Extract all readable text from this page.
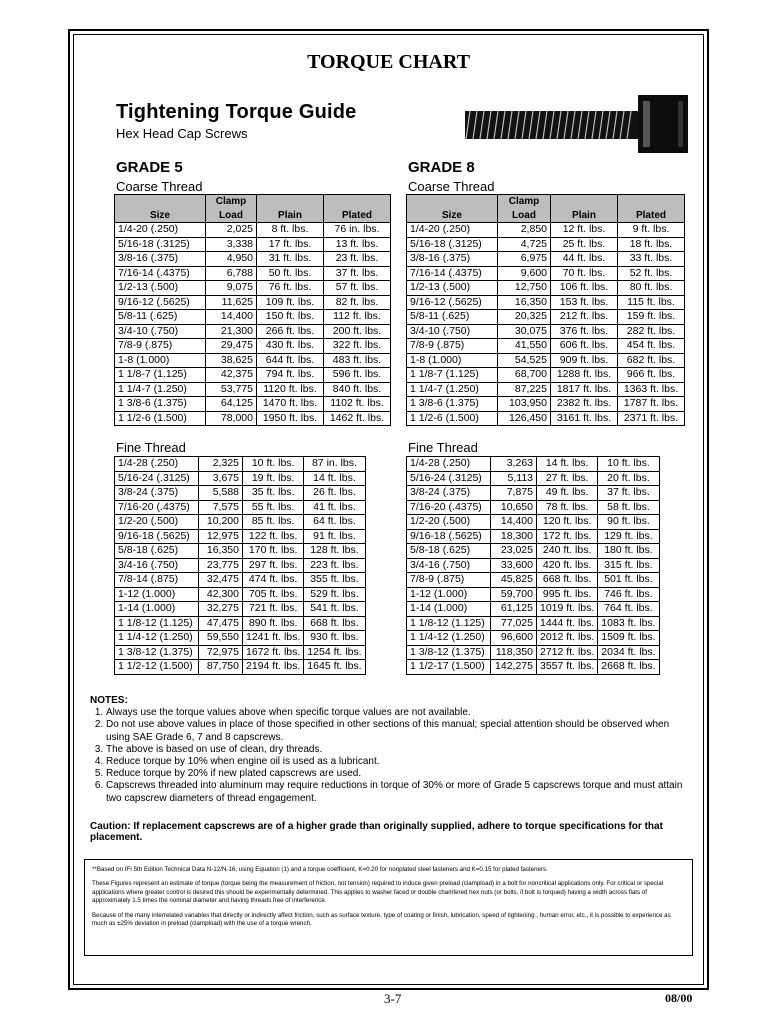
TORQUE CHART
Tightening Torque Guide
Hex Head Cap Screws
GRADE 5
Coarse Thread
	Clamp		
Size	Load	Plain	Plated
1/4-20 (.250)	2,025	8 ft. lbs.	76 in. lbs.
5/16-18 (.3125)	3,338	17 ft. lbs.	13 ft. lbs.
3/8-16 (.375)	4,950	31 ft. lbs.	23 ft. lbs.
7/16-14 (.4375)	6,788	50 ft. lbs.	37 ft. lbs.
1/2-13 (.500)	9,075	76 ft. lbs.	57 ft. lbs.
9/16-12 (.5625)	11,625	109 ft. lbs.	82 ft. lbs.
5/8-11 (.625)	14,400	150 ft. lbs.	112 ft. lbs.
3/4-10 (.750)	21,300	266 ft. lbs.	200 ft. lbs.
7/8-9 (.875)	29,475	430 ft. lbs.	322 ft. lbs.
1-8 (1.000)	38,625	644 ft. lbs.	483 ft. lbs.
1 1/8-7 (1.125)	42,375	794 ft. lbs.	596 ft. lbs.
1 1/4-7 (1.250)	53,775	1120 ft. lbs.	840 ft. lbs.
1 3/8-6 (1.375)	64,125	1470 ft. lbs.	1102 ft. lbs.
1 1/2-6 (1.500)	78,000	1950 ft. lbs.	1462 ft. lbs.
Fine Thread
1/4-28 (.250)	2,325	10 ft. lbs.	87 in. lbs.
5/16-24 (.3125)	3,675	19 ft. lbs.	14 ft. lbs.
3/8-24 (.375)	5,588	35 ft. lbs.	26 ft. lbs.
7/16-20 (.4375)	7,575	55 ft. lbs.	41 ft. lbs.
1/2-20 (.500)	10,200	85 ft. lbs.	64 ft. lbs.
9/16-18 (.5625)	12,975	122 ft. lbs.	91 ft. lbs.
5/8-18 (.625)	16,350	170 ft. lbs.	128 ft. lbs.
3/4-16 (.750)	23,775	297 ft. lbs.	223 ft. lbs.
7/8-14 (.875)	32,475	474 ft. lbs.	355 ft. lbs.
1-12 (1.000)	42,300	705 ft. lbs.	529 ft. lbs.
1-14 (1.000)	32,275	721 ft. lbs.	541 ft. lbs.
1 1/8-12 (1.125)	47,475	890 ft. lbs.	668 ft. lbs.
1 1/4-12 (1.250)	59,550	1241 ft. lbs.	930 ft. lbs.
1 3/8-12 (1.375)	72,975	1672 ft. lbs.	1254 ft. lbs.
1 1/2-12 (1.500)	87,750	2194 ft. lbs.	1645 ft. lbs.
GRADE 8
Coarse Thread
	Clamp		
Size	Load	Plain	Plated
1/4-20 (.250)	2,850	12 ft. lbs.	9 ft. lbs.
5/16-18 (.3125)	4,725	25 ft. lbs.	18 ft. lbs.
3/8-16 (.375)	6,975	44 ft. lbs.	33 ft. lbs.
7/16-14 (.4375)	9,600	70 ft. lbs.	52 ft. lbs.
1/2-13 (.500)	12,750	106 ft. lbs.	80 ft. lbs.
9/16-12 (.5625)	16,350	153 ft. lbs.	115 ft. lbs.
5/8-11 (.625)	20,325	212 ft. lbs.	159 ft. lbs.
3/4-10 (.750)	30,075	376 ft. lbs.	282 ft. lbs.
7/8-9 (.875)	41,550	606 ft. lbs.	454 ft. lbs.
1-8 (1.000)	54,525	909 ft. lbs.	682 ft. lbs.
1 1/8-7 (1.125)	68,700	1288 ft. lbs.	966 ft. lbs.
1 1/4-7 (1.250)	87,225	1817 ft. lbs.	1363 ft. lbs.
1 3/8-6 (1.375)	103,950	2382 ft. lbs.	1787 ft. lbs.
1 1/2-6 (1.500)	126,450	3161 ft. lbs.	2371 ft. lbs.
Fine Thread
1/4-28 (.250)	3,263	14 ft. lbs.	10 ft. lbs.
5/16-24 (.3125)	5,113	27 ft. lbs.	20 ft. lbs.
3/8-24 (.375)	7,875	49 ft. lbs.	37 ft. lbs.
7/16-20 (.4375)	10,650	78 ft. lbs.	58 ft. lbs.
1/2-20 (.500)	14,400	120 ft. lbs.	90 ft. lbs.
9/16-18 (.5625)	18,300	172 ft. lbs.	129 ft. lbs.
5/8-18 (.625)	23,025	240 ft. lbs.	180 ft. lbs.
3/4-16 (.750)	33,600	420 ft. lbs.	315 ft. lbs.
7/8-9 (.875)	45,825	668 ft. lbs.	501 ft. lbs.
1-12 (1.000)	59,700	995 ft. lbs.	746 ft. lbs.
1-14 (1.000)	61,125	1019 ft. lbs.	764 ft. lbs.
1 1/8-12 (1.125)	77,025	1444 ft. lbs.	1083 ft. lbs.
1 1/4-12 (1.250)	96,600	2012 ft. lbs.	1509 ft. lbs.
1 3/8-12 (1.375)	118,350	2712 ft. lbs.	2034 ft. lbs.
1 1/2-17 (1.500)	142,275	3557 ft. lbs.	2668 ft. lbs.
NOTES:
1. Always use the torque values above when specific torque values are not available.
2. Do not use above values in place of those specified in other sections of this manual; special attention should be observed when using SAE Grade 6, 7 and 8 capscrews.
3. The above is based on use of clean, dry threads.
4. Reduce torque by 10% when engine oil is used as a lubricant.
5. Reduce torque by 20% if new plated capscrews are used.
6. Capscrews threaded into aluminum may require reductions in torque of 30% or more of Grade 5 capscrews torque and must attain two capscrew diameters of thread engagement.
Caution: If replacement capscrews are of a higher grade than originally supplied, adhere to torque specifications for that placement.

**Based on IFI 5th Edition Technical Data N-12/N-16, using Equation (1) and a torque coefficient, K=0.20 for nonplated steel fasteners and K=0.15 for plated fasteners.

These Figures represent an estimate of torque (torque being the measurement of friction, not tension) required to induce given preload (clampload) in a bolt for noncritical applications only. For critical or special applications where greater control is desired this should be experimentally determined. This applies to washer faced or double chamfered hex nuts (or bolts, if bolt is torqued) having a width across flats of approximately 1.5 times the nominal diameter and having threads free of interference.

Because of the many interrelated variables that directly or indirectly affect friction, such as surface texture, type of coating or finish, lubrication, speed of tightening , human error, etc., it is possible to experience as much as ±25% deviation in preload (clampload) with the use of a torque wrench.

3-7	08/00
